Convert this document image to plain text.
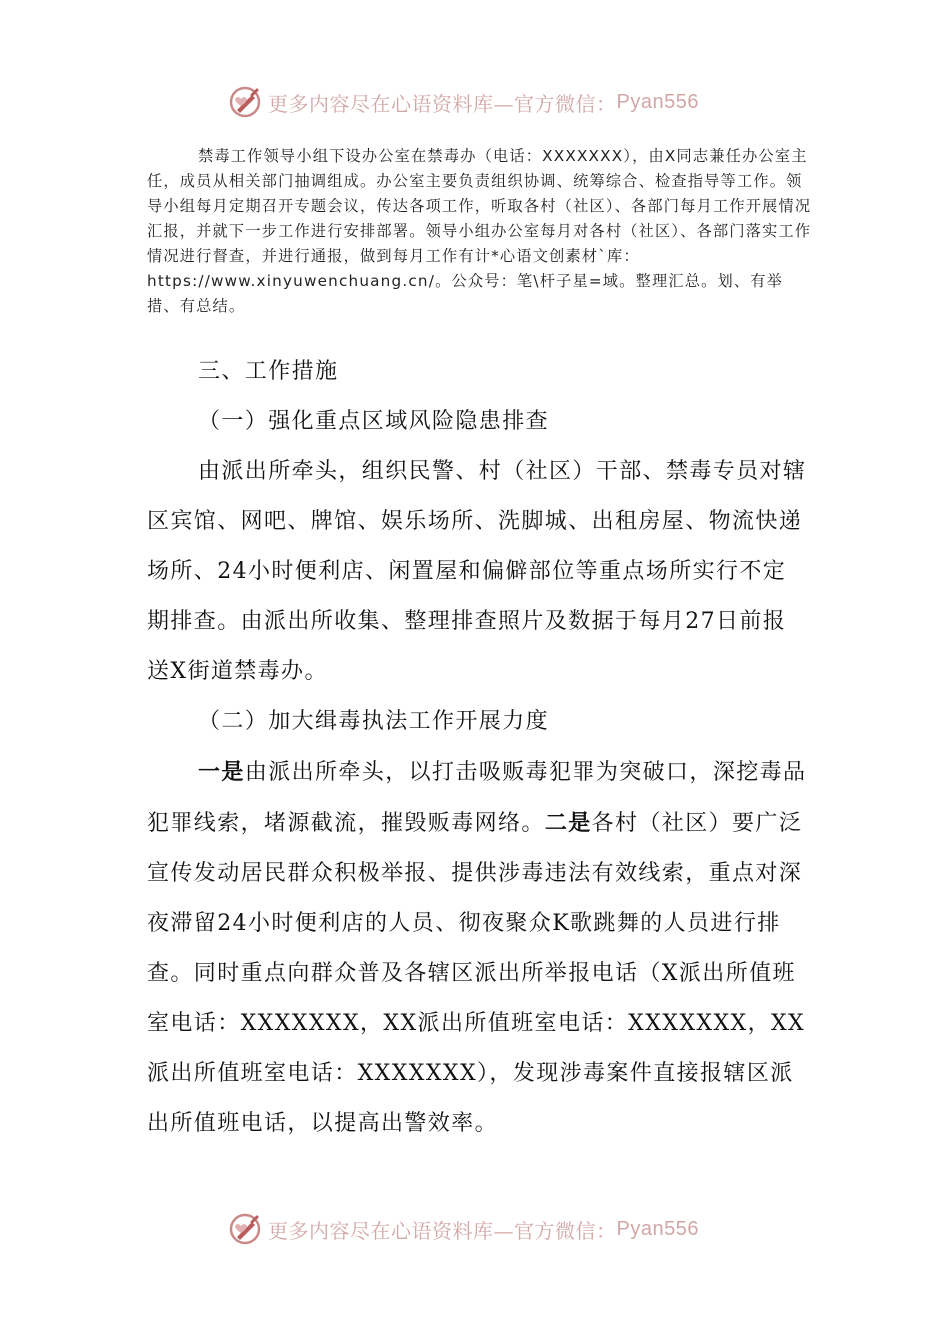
更多内容尽在心语资料库—官方微信： Pyan556

禁毒工作领导小组下设办公室在禁毒办（电话：XXXXXXX），由X同志兼任办公室主任，成员从相关部门抽调组成。办公室主要负责组织协调、统筹综合、检查指导等工作。领导小组每月定期召开专题会议，传达各项工作，听取各村（社区）、各部门每月工作开展情况汇报，并就下一步工作进行安排部署。领导小组办公室每月对各村（社区）、各部门落实工作情况进行督查，并进行通报，做到每月工作有计*心语文创素材`库：https://www.xinyuwenchuang.cn/。公众号：笔\杆子星=域。整理汇总。划、有举措、有总结。

三、工作措施

（一）强化重点区域风险隐患排查

由派出所牵头，组织民警、村（社区）干部、禁毒专员对辖区宾馆、网吧、牌馆、娱乐场所、洗脚城、出租房屋、物流快递场所、24小时便利店、闲置屋和偏僻部位等重点场所实行不定期排查。由派出所收集、整理排查照片及数据于每月27日前报送X街道禁毒办。

（二）加大缉毒执法工作开展力度

一是由派出所牵头，以打击吸贩毒犯罪为突破口，深挖毒品犯罪线索，堵源截流，摧毁贩毒网络。二是各村（社区）要广泛宣传发动居民群众积极举报、提供涉毒违法有效线索，重点对深夜滞留24小时便利店的人员、彻夜聚众K歌跳舞的人员进行排查。同时重点向群众普及各辖区派出所举报电话（X派出所值班室电话：XXXXXXX，XX派出所值班室电话：XXXXXXX，XX派出所值班室电话：XXXXXXX），发现涉毒案件直接报辖区派出所值班电话，以提高出警效率。

更多内容尽在心语资料库—官方微信： Pyan556
